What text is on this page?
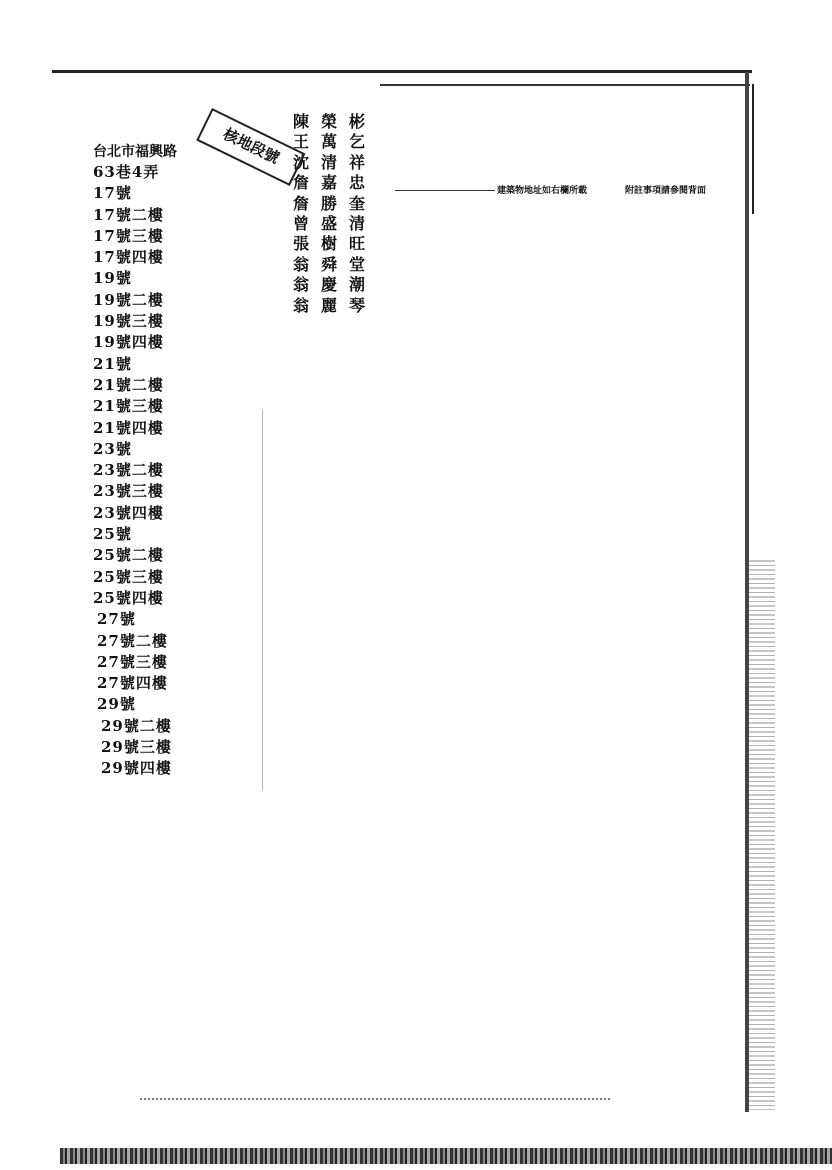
台北市福興路
63巷4弄
17號
17號二樓
17號三樓
17號四樓
19號
19號二樓
19號三樓
19號四樓
21號
21號二樓
21號三樓
21號四樓
23號
23號二樓
23號三樓
23號四樓
25號
25號二樓
25號三樓
25號四樓
27號
27號二樓
27號三樓
27號四樓
29號
29號二樓
29號三樓
29號四樓
陳王沈詹詹曾張翁翁翁
榮萬清嘉勝盛樹舜慶麗
彬乞祥忠奎清旺堂潮琴
核地段號
建築物地址如右欄所載	附註事項請參閱背面
